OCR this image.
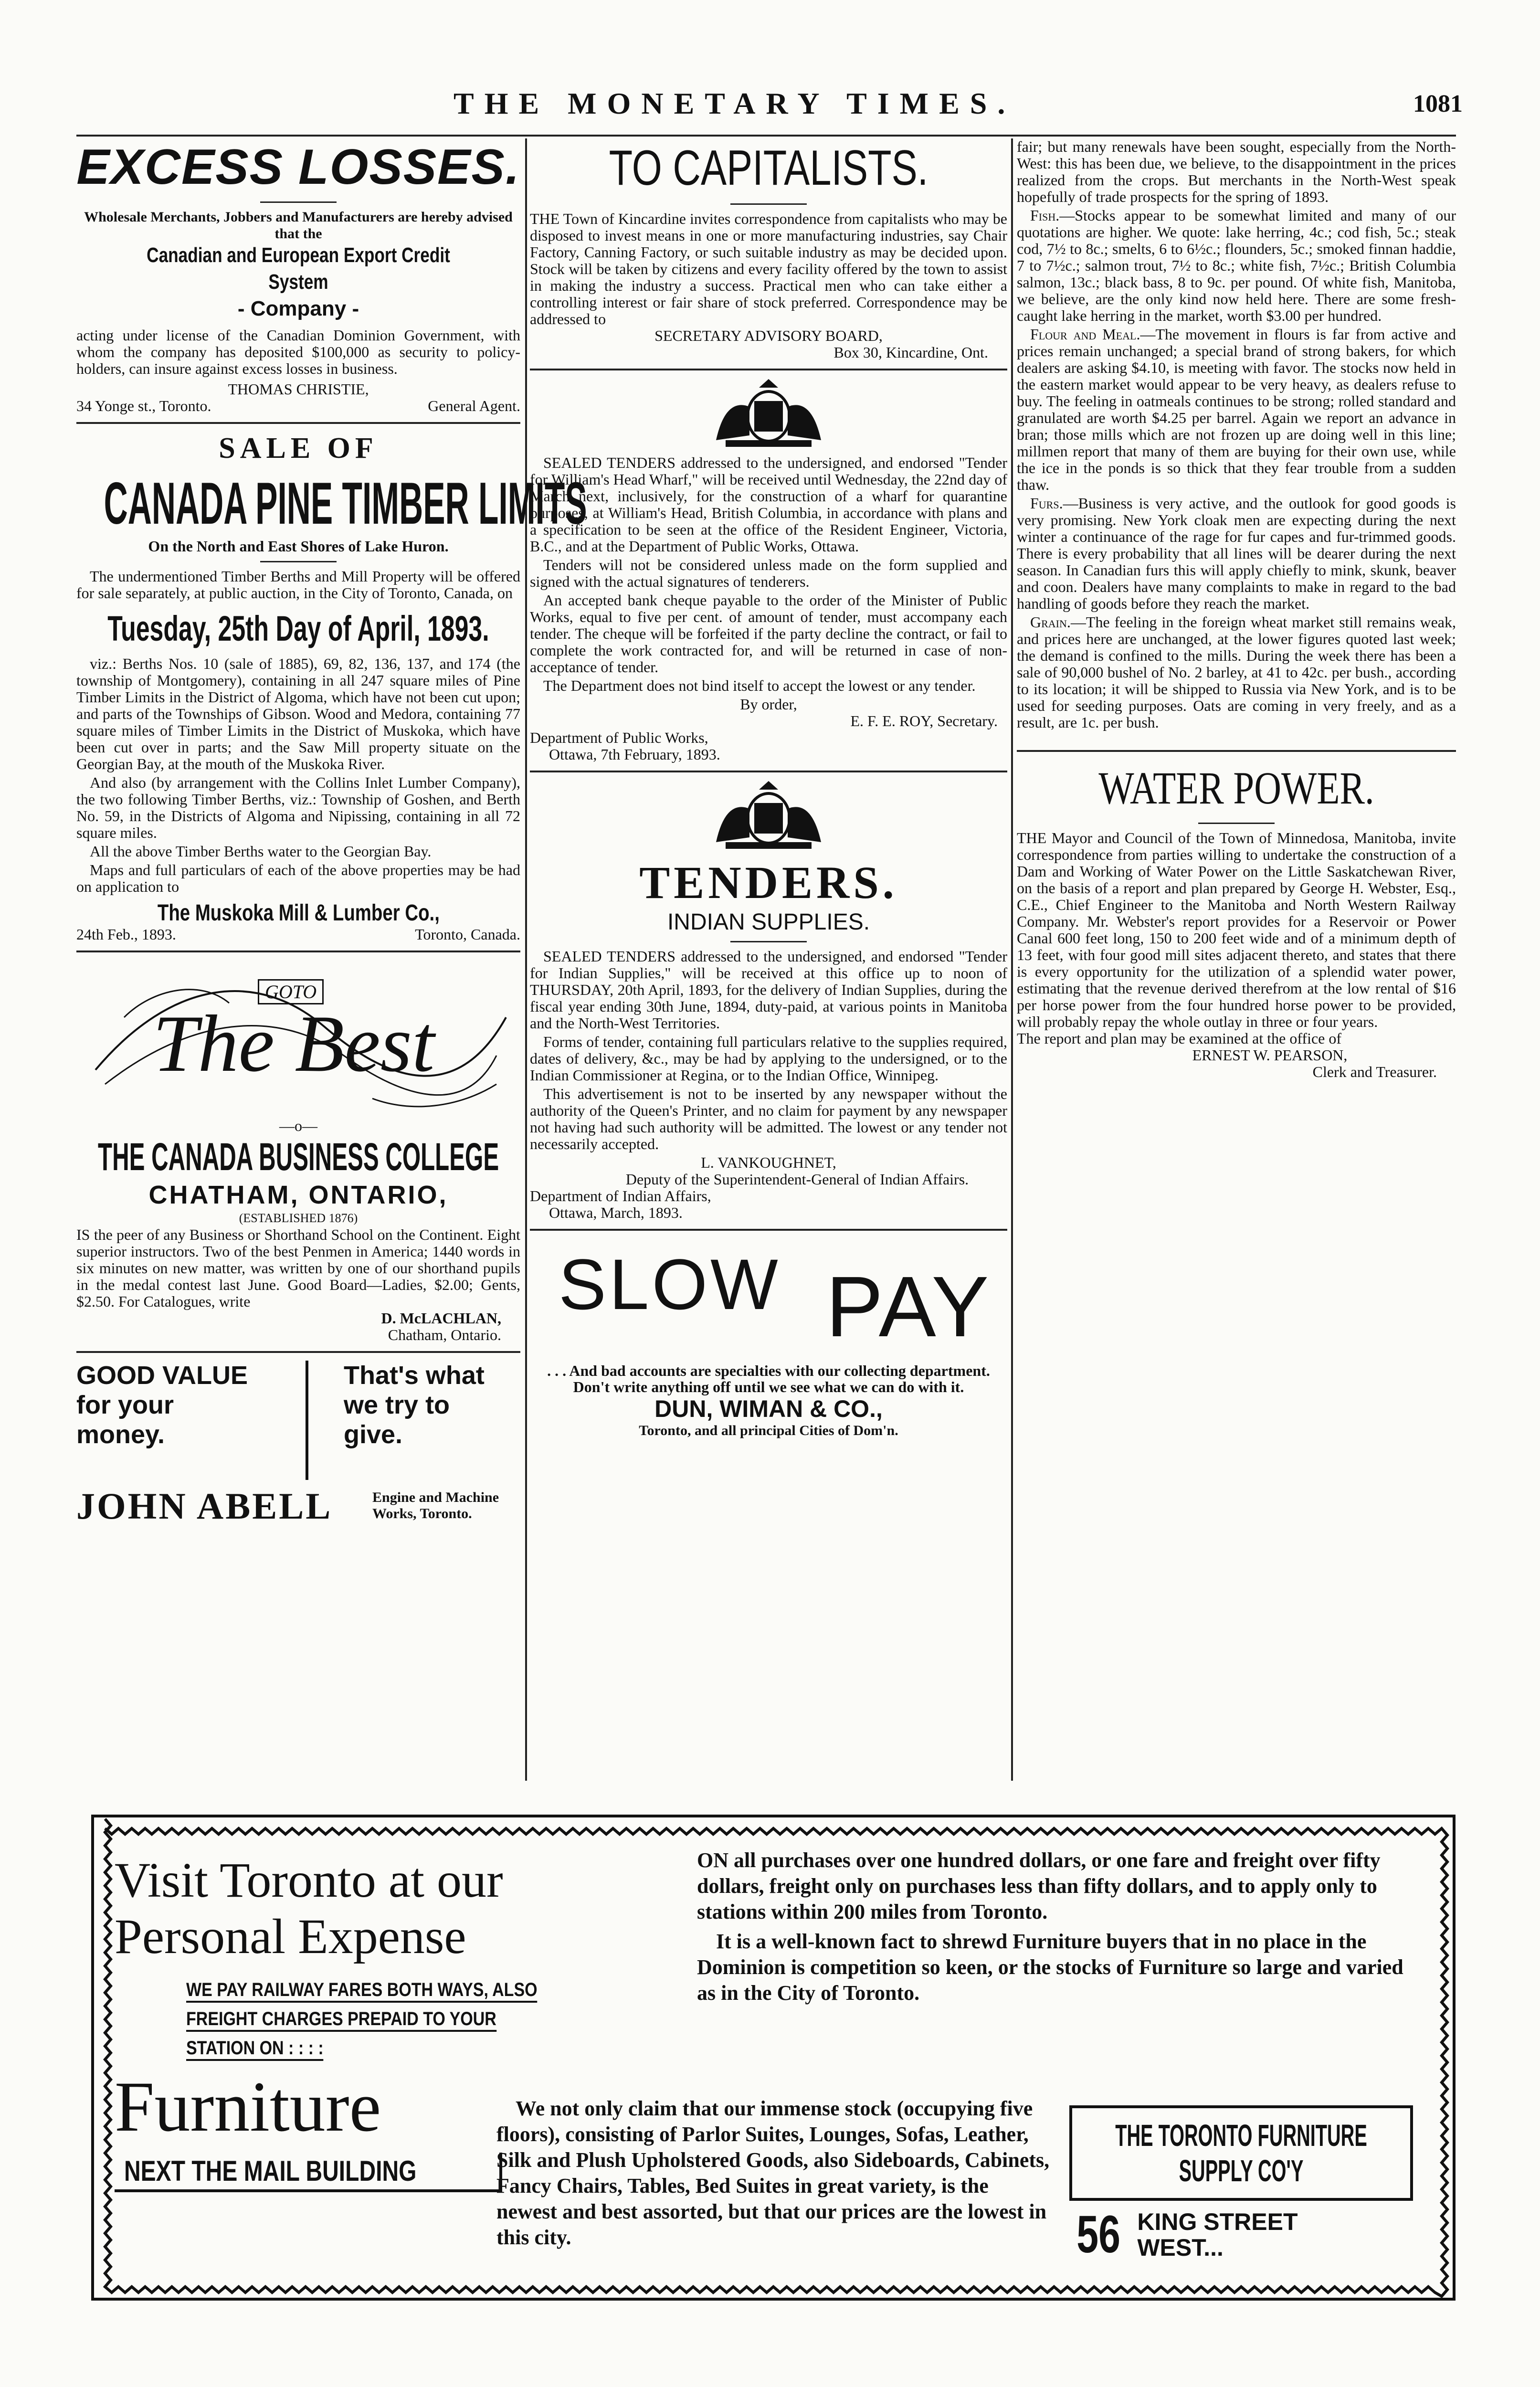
THE MONETARY TIMES.	1081
EXCESS LOSSES.

Wholesale Merchants, Jobbers and Manufacturers are hereby advised that the

Canadian and European Export Credit System
- Company -

acting under license of the Canadian Dominion Government, with whom the company has deposited $100,000 as security to policy-holders, can insure against excess losses in business.

THOMAS CHRISTIE,
34 Yonge st., Toronto.	General Agent.
SALE OF
CANADA PINE TIMBER LIMITS
On the North and East Shores of Lake Huron.

The undermentioned Timber Berths and Mill Property will be offered for sale separately, at public auction, in the City of Toronto, Canada, on

Tuesday, 25th Day of April, 1893.

viz.: Berths Nos. 10 (sale of 1885), 69, 82, 136, 137, and 174 (the township of Montgomery), containing in all 247 square miles of Pine Timber Limits in the District of Algoma, which have not been cut upon; and parts of the Townships of Gibson. Wood and Medora, containing 77 square miles of Timber Limits in the District of Muskoka, which have been cut over in parts; and the Saw Mill property situate on the Georgian Bay, at the mouth of the Muskoka River.

And also (by arrangement with the Collins Inlet Lumber Company), the two following Timber Berths, viz.: Township of Goshen, and Berth No. 59, in the Districts of Algoma and Nipissing, containing in all 72 square miles.

All the above Timber Berths water to the Georgian Bay.

Maps and full particulars of each of the above properties may be had on application to

The Muskoka Mill & Lumber Co.,
24th Feb., 1893.	Toronto, Canada.
GOTO
The Best
—o—
THE CANADA BUSINESS COLLEGE
CHATHAM, ONTARIO,
(ESTABLISHED 1876)

IS the peer of any Business or Shorthand School on the Continent. Eight superior instructors. Two of the best Penmen in America; 1440 words in six minutes on new matter, was written by one of our shorthand pupils in the medal contest last June. Good Board—Ladies, $2.00; Gents, $2.50. For Catalogues, write

D. McLACHLAN,
Chatham, Ontario.
GOOD VALUE for your money.
That's what we try to give.
JOHN ABELL	Engine and Machine Works, Toronto.
TO CAPITALISTS.

THE Town of Kincardine invites correspondence from capitalists who may be disposed to invest means in one or more manufacturing industries, say Chair Factory, Canning Factory, or such suitable industry as may be decided upon. Stock will be taken by citizens and every facility offered by the town to assist in making the industry a success. Practical men who can take either a controlling interest or fair share of stock preferred. Correspondence may be addressed to

SECRETARY ADVISORY BOARD,
Box 30, Kincardine, Ont.

SEALED TENDERS addressed to the undersigned, and endorsed "Tender for William's Head Wharf," will be received until Wednesday, the 22nd day of March next, inclusively, for the construction of a wharf for quarantine purposes, at William's Head, British Columbia, in accordance with plans and a specification to be seen at the office of the Resident Engineer, Victoria, B.C., and at the Department of Public Works, Ottawa.

Tenders will not be considered unless made on the form supplied and signed with the actual signatures of tenderers.

An accepted bank cheque payable to the order of the Minister of Public Works, equal to five per cent. of amount of tender, must accompany each tender. The cheque will be forfeited if the party decline the contract, or fail to complete the work contracted for, and will be returned in case of non-acceptance of tender.

The Department does not bind itself to accept the lowest or any tender.

By order,
E. F. E. ROY, Secretary.
Department of Public Works,
Ottawa, 7th February, 1893.
TENDERS.
INDIAN SUPPLIES.

SEALED TENDERS addressed to the undersigned, and endorsed "Tender for Indian Supplies," will be received at this office up to noon of THURSDAY, 20th April, 1893, for the delivery of Indian Supplies, during the fiscal year ending 30th June, 1894, duty-paid, at various points in Manitoba and the North-West Territories.

Forms of tender, containing full particulars relative to the supplies required, dates of delivery, &c., may be had by applying to the undersigned, or to the Indian Commissioner at Regina, or to the Indian Office, Winnipeg.

This advertisement is not to be inserted by any newspaper without the authority of the Queen's Printer, and no claim for payment by any newspaper not having had such authority will be admitted. The lowest or any tender not necessarily accepted.

L. VANKOUGHNET,
Deputy of the Superintendent-General of Indian Affairs.
Department of Indian Affairs,
Ottawa, March, 1893.
SLOW PAY

. . . And bad accounts are specialties with our collecting department. Don't write anything off until we see what we can do with it.

DUN, WIMAN & CO.,
Toronto, and all principal Cities of Dom'n.

fair; but many renewals have been sought, especially from the North-West: this has been due, we believe, to the disappointment in the prices realized from the crops. But merchants in the North-West speak hopefully of trade prospects for the spring of 1893.

Fish.—Stocks appear to be somewhat limited and many of our quotations are higher. We quote: lake herring, 4c.; cod fish, 5c.; steak cod, 7½ to 8c.; smelts, 6 to 6½c.; flounders, 5c.; smoked finnan haddie, 7 to 7½c.; salmon trout, 7½ to 8c.; white fish, 7½c.; British Columbia salmon, 13c.; black bass, 8 to 9c. per pound. Of white fish, Manitoba, we believe, are the only kind now held here. There are some fresh-caught lake herring in the market, worth $3.00 per hundred.

Flour and Meal.—The movement in flours is far from active and prices remain unchanged; a special brand of strong bakers, for which dealers are asking $4.10, is meeting with favor. The stocks now held in the eastern market would appear to be very heavy, as dealers refuse to buy. The feeling in oatmeals continues to be strong; rolled standard and granulated are worth $4.25 per barrel. Again we report an advance in bran; those mills which are not frozen up are doing well in this line; millmen report that many of them are buying for their own use, while the ice in the ponds is so thick that they fear trouble from a sudden thaw.

Furs.—Business is very active, and the outlook for good goods is very promising. New York cloak men are expecting during the next winter a continuance of the rage for fur capes and fur-trimmed goods. There is every probability that all lines will be dearer during the next season. In Canadian furs this will apply chiefly to mink, skunk, beaver and coon. Dealers have many complaints to make in regard to the bad handling of goods before they reach the market.

Grain.—The feeling in the foreign wheat market still remains weak, and prices here are unchanged, at the lower figures quoted last week; the demand is confined to the mills. During the week there has been a sale of 90,000 bushel of No. 2 barley, at 41 to 42c. per bush., according to its location; it will be shipped to Russia via New York, and is to be used for seeding purposes. Oats are coming in very freely, and as a result, are 1c. per bush.

WATER POWER.

THE Mayor and Council of the Town of Minnedosa, Manitoba, invite correspondence from parties willing to undertake the construction of a Dam and Working of Water Power on the Little Saskatchewan River, on the basis of a report and plan prepared by George H. Webster, Esq., C.E., Chief Engineer to the Manitoba and North Western Railway Company. Mr. Webster's report provides for a Reservoir or Power Canal 600 feet long, 150 to 200 feet wide and of a minimum depth of 13 feet, with four good mill sites adjacent thereto, and states that there is every opportunity for the utilization of a splendid water power, estimating that the revenue derived therefrom at the low rental of $16 per horse power from the four hundred horse power to be provided, will probably repay the whole outlay in three or four years.

The report and plan may be examined at the office of

ERNEST W. PEARSON,
Clerk and Treasurer.
Visit Toronto at our
Personal Expense
WE PAY RAILWAY FARES BOTH WAYS, ALSO
FREIGHT CHARGES PREPAID TO YOUR
STATION ON : : : :
Furniture
NEXT THE MAIL BUILDING

ON all purchases over one hundred dollars, or one fare and freight over fifty dollars, freight only on purchases less than fifty dollars, and to apply only to stations within 200 miles from Toronto.

It is a well-known fact to shrewd Furniture buyers that in no place in the Dominion is competition so keen, or the stocks of Furniture so large and varied as in the City of Toronto.

We not only claim that our immense stock (occupying five floors), consisting of Parlor Suites, Lounges, Sofas, Leather, Silk and Plush Upholstered Goods, also Sideboards, Cabinets, Fancy Chairs, Tables, Bed Suites in great variety, is the newest and best assorted, but that our prices are the lowest in this city.

THE TORONTO FURNITURE
SUPPLY CO'Y
56 KING STREET
WEST...
